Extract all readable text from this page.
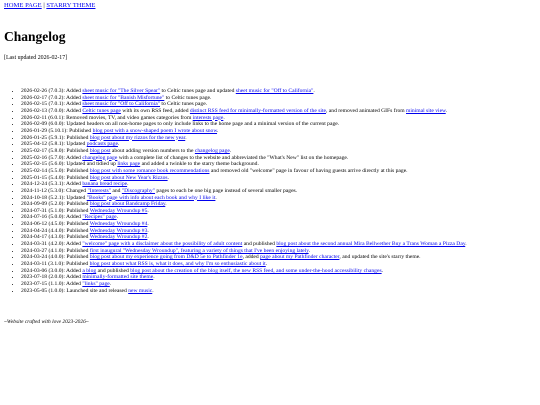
HOME PAGE | STARRY THEME
Changelog

[Last updated 2026-02-17]

• 2026-02-26 (7.0.3): Added sheet music for "The Silver Spear" to Celtic tunes page and updated sheet music for "Off to California".
• 2026-02-17 (7.0.2): Added sheet music for "Banish Misfortune" to Celtic tunes page.
• 2026-02-15 (7.0.1): Added sheet music for "Off to California" to Celtic tunes page.
• 2026-02-13 (7.0.0): Added Celtic tunes page with its own RSS feed, added distinct RSS feed for minimally-formatted version of the site, and removed animated GIFs from minimal site view.
• 2026-02-11 (6.0.1): Removed movies, TV, and video games categories from interests page.
• 2026-02-09 (6.0.0): Updated headers on all non-home pages to only include links to the home page and a minimal version of the current page.
• 2026-01-29 (5.10.1): Published blog post with a snow-shaped poem I wrote about snow.
• 2026-01-25 (5.9.1): Published blog post about my rizzos for the new year.
• 2025-04-12 (5.8.1): Updated podcasts page.
• 2025-02-17 (5.8.0): Published blog post about adding version numbers to the changelog page.
• 2025-02-16 (5.7.0): Added changelog page with a complete list of changes to the website and abbreviated the "What's New" list on the homepage.
• 2025-02-15 (5.6.0): Updated and tidied up links page and added a twinkle to the starry theme background.
• 2025-02-14 (5.5.0): Published blog post with some romance book recommendations and removed old "welcome" page in favour of having guests arrive directly at this page.
• 2025-01-15 (5.4.0): Published blog post about New Year's Rizzos.
• 2024-12-24 (5.3.1): Added banana bread recipe.
• 2024-11-12 (5.3.0): Changed "Interests" and "Discography" pages to each be one big page instead of several smaller pages.
• 2024-10-18 (5.2.1): Updated "Books" page with info about each book and why I like it.
• 2024-09-09 (5.2.0): Published blog post about Bandcamp Friday.
• 2024-07-31 (5.1.0): Published Wednesday Wroundup #5.
• 2024-07-16 (5.0.0): Added "Recipes" page.
• 2024-06-12 (4.5.0): Published Wednesday Wroundup #4.
• 2024-04-24 (4.4.0): Published Wednesday Wroundup #3.
• 2024-04-17 (4.3.0): Published Wednesday Wroundup #2.
• 2024-03-31 (4.2.0): Added "welcome" page with a disclaimer about the possibility of adult content and published blog post about the second annual Mira Bellwether Buy a Trans Woman a Pizza Day.
• 2024-03-27 (4.1.0): Published first inaugural "Wednesday Wroundup", featuring a variety of things that I've been enjoying lately.
• 2024-03-24 (4.0.0): Published blog post about my experience going from D&D 5e to Pathfinder 1e, added page about my Pathfinder character, and updated the site's starry theme.
• 2024-03-11 (3.1.0): Published blog post about what RSS is, what it does, and why I'm so enthusiastic about it.
• 2024-03-06 (3.0.0): Added a blog and published blog post about the creation of the blog itself, the new RSS feed, and some under-the-hood accessibility changes.
• 2023-07-18 (2.0.0): Added minimally-formatted site theme.
• 2023-07-15 (1.1.0): Added "links" page.
• 2023-05-05 (1.0.0): Launched site and released new music.
~Website crafted with love 2023-2026~
